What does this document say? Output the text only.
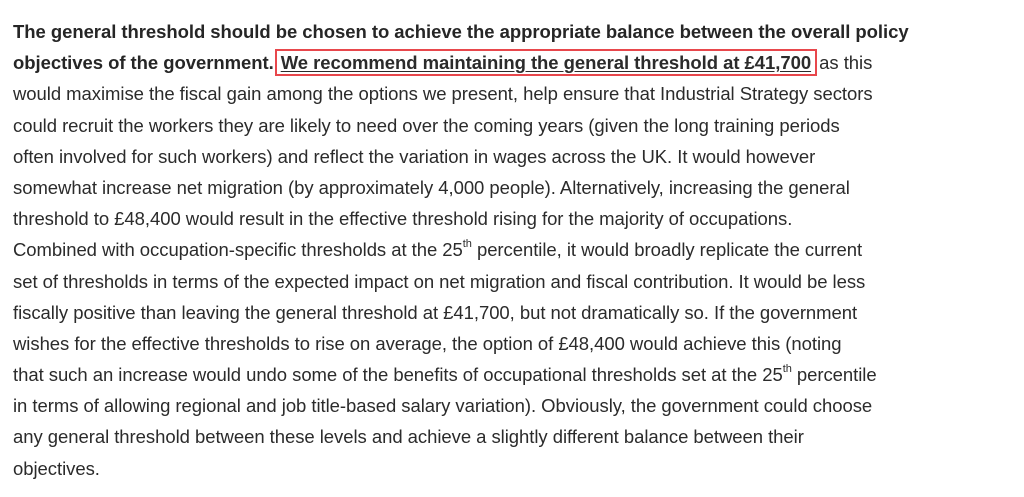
The general threshold should be chosen to achieve the appropriate balance between the overall policy
objectives of the government. We recommend maintaining the general threshold at £41,700 as this
would maximise the fiscal gain among the options we present, help ensure that Industrial Strategy sectors
could recruit the workers they are likely to need over the coming years (given the long training periods
often involved for such workers) and reflect the variation in wages across the UK. It would however
somewhat increase net migration (by approximately 4,000 people). Alternatively, increasing the general
threshold to £48,400 would result in the effective threshold rising for the majority of occupations.
Combined with occupation-specific thresholds at the 25th percentile, it would broadly replicate the current
set of thresholds in terms of the expected impact on net migration and fiscal contribution. It would be less
fiscally positive than leaving the general threshold at £41,700, but not dramatically so. If the government
wishes for the effective thresholds to rise on average, the option of £48,400 would achieve this (noting
that such an increase would undo some of the benefits of occupational thresholds set at the 25th percentile
in terms of allowing regional and job title-based salary variation). Obviously, the government could choose
any general threshold between these levels and achieve a slightly different balance between their
objectives.
